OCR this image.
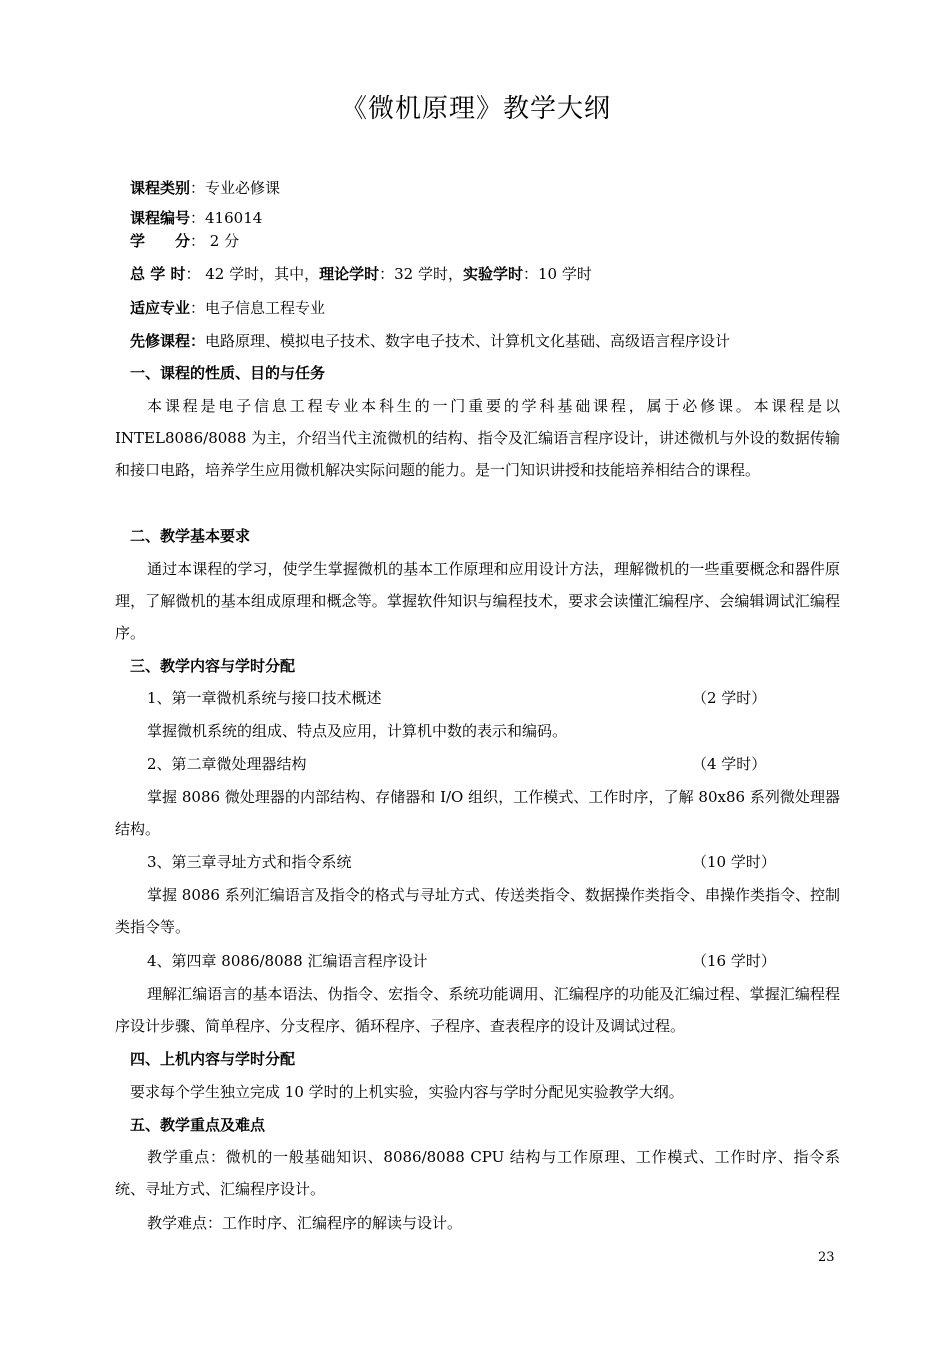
《微机原理》教学大纲
课程类别：专业必修课
课程编号：416014
学　　分： 2 分
总 学 时： 42 学时，其中，理论学时：32 学时，实验学时：10 学时
适应专业：电子信息工程专业
先修课程：电路原理、模拟电子技术、数字电子技术、计算机文化基础、高级语言程序设计
一、课程的性质、目的与任务
本课程是电子信息工程专业本科生的一门重要的学科基础课程，属于必修课。本课程是以INTEL8086/8088 为主，介绍当代主流微机的结构、指令及汇编语言程序设计，讲述微机与外设的数据传输和接口电路，培养学生应用微机解决实际问题的能力。是一门知识讲授和技能培养相结合的课程。
二、教学基本要求
通过本课程的学习，使学生掌握微机的基本工作原理和应用设计方法，理解微机的一些重要概念和器件原理，了解微机的基本组成原理和概念等。掌握软件知识与编程技术，要求会读懂汇编程序、会编辑调试汇编程序。
三、教学内容与学时分配
1、第一章微机系统与接口技术概述	（2 学时）
掌握微机系统的组成、特点及应用，计算机中数的表示和编码。
2、第二章微处理器结构	（4 学时）
掌握 8086 微处理器的内部结构、存储器和 I/O 组织，工作模式、工作时序，了解 80x86 系列微处理器结构。
3、第三章寻址方式和指令系统	（10 学时）
掌握 8086 系列汇编语言及指令的格式与寻址方式、传送类指令、数据操作类指令、串操作类指令、控制类指令等。
4、第四章 8086/8088 汇编语言程序设计	（16 学时）
理解汇编语言的基本语法、伪指令、宏指令、系统功能调用、汇编程序的功能及汇编过程、掌握汇编程程序设计步骤、简单程序、分支程序、循环程序、子程序、查表程序的设计及调试过程。
四、上机内容与学时分配
要求每个学生独立完成 10 学时的上机实验，实验内容与学时分配见实验教学大纲。
五、教学重点及难点
教学重点：微机的一般基础知识、8086/8088 CPU 结构与工作原理、工作模式、工作时序、指令系统、寻址方式、汇编程序设计。
教学难点：工作时序、汇编程序的解读与设计。
23
